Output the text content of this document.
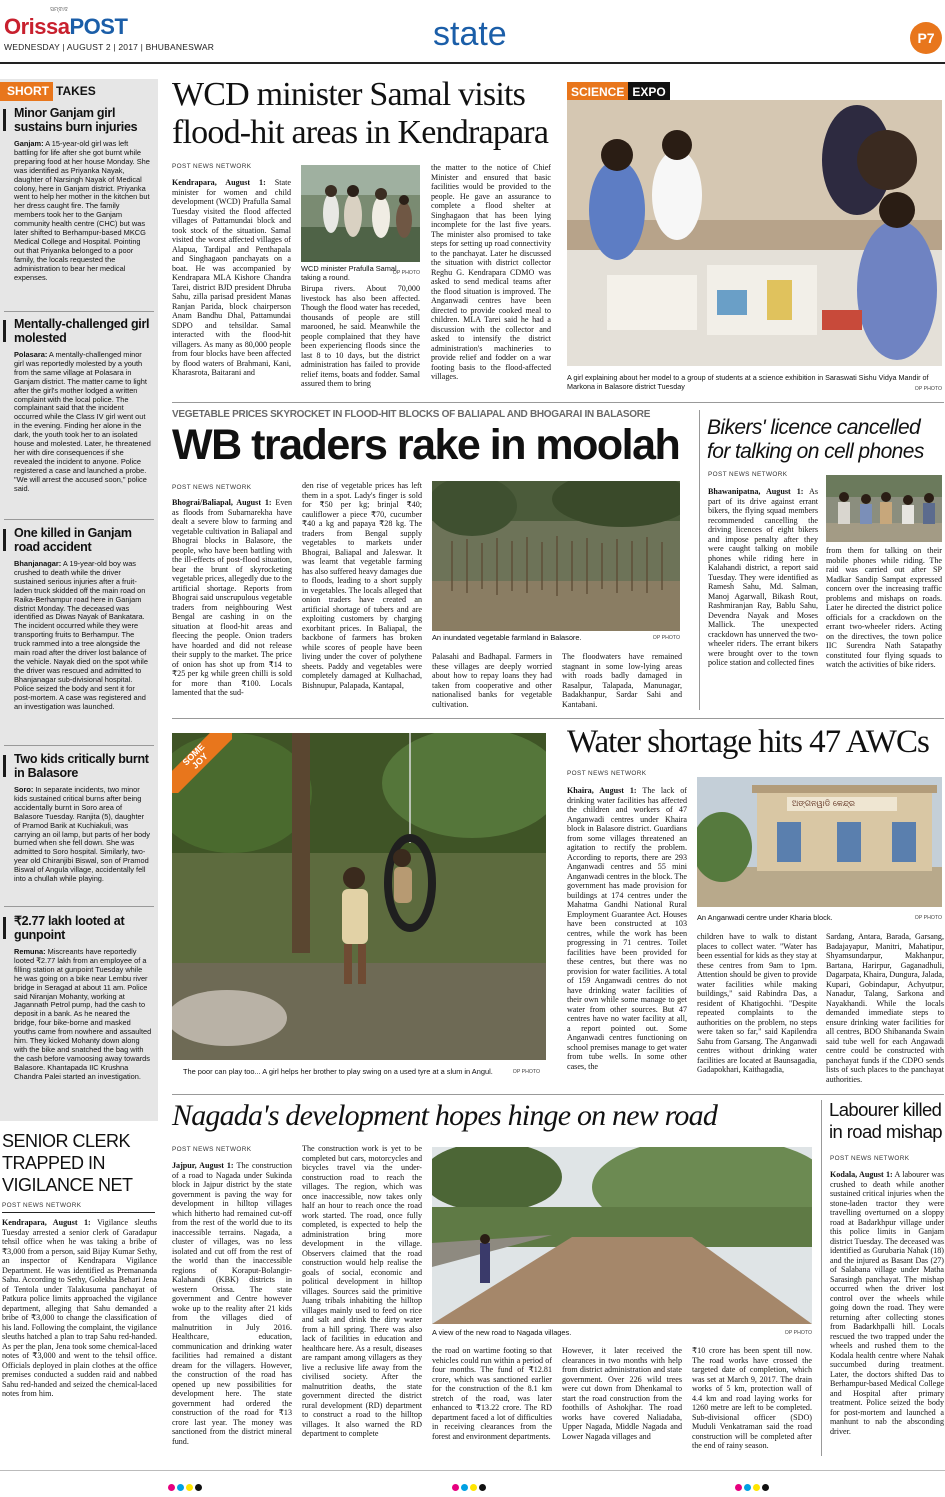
OrissaPOST
ସମ୍ବାଦ
WEDNESDAY | AUGUST 2 | 2017 | BHUBANESWAR	state	P7
SHORT TAKES
Minor Ganjam girl sustains burn injuries
Ganjam: A 15-year-old girl was left battling for life after she got burnt while preparing food at her house Monday. She was identified as Priyanka Nayak, daughter of Narsingh Nayak of Medical colony, here in Ganjam district. Priyanka went to help her mother in the kitchen but her dress caught fire. The family members took her to the Ganjam community health centre (CHC) but was later shifted to Berhampur-based MKCG Medical College and Hospital. Pointing out that Priyanka belonged to a poor family, the locals requested the administration to bear her medical expenses.
Mentally-challenged girl molested
Polasara: A mentally-challenged minor girl was reportedly molested by a youth from the same village at Polasara in Ganjam district. The matter came to light after the girl's mother lodged a written complaint with the local police. The complainant said that the incident occurred while the Class IV girl went out in the evening. Finding her alone in the dark, the youth took her to an isolated house and molested. Later, he threatened her with dire consequences if she revealed the incident to anyone. Police registered a case and launched a probe. "We will arrest the accused soon," police said.
One killed in Ganjam road accident
Bhanjanagar: A 19-year-old boy was crushed to death while the driver sustained serious injuries after a fruit-laden truck skidded off the main road on Raika-Berhampur road here in Ganjam district Monday. The deceased was identified as Diwas Nayak of Bankatara. The incident occurred while they were transporting fruits to Berhampur. The truck rammed into a tree alongside the main road after the driver lost balance of the vehicle. Nayak died on the spot while the driver was rescued and admitted to Bhanjanagar sub-divisional hospital. Police seized the body and sent it for post-mortem. A case was registered and an investigation was launched.
Two kids critically burnt in Balasore
Soro: In separate incidents, two minor kids sustained critical burns after being accidentally burnt in Soro area of Balasore Tuesday. Ranjita (5), daughter of Pramod Barik at Kuchiakuli, was carrying an oil lamp, but parts of her body burned when she fell down. She was admitted to Soro hospital. Similarly, two-year old Chiranjibi Biswal, son of Pramod Biswal of Angula village, accidentally fell into a chullah while playing.
₹2.77 lakh looted at gunpoint
Remuna: Miscreants have reportedly looted ₹2.77 lakh from an employee of a filling station at gunpoint Tuesday while he was going on a bike near Lembu river bridge in Seragad at about 11 am. Police said Niranjan Mohanty, working at Jagannath Petrol pump, had the cash to deposit in a bank. As he neared the bridge, four bike-borne and masked youths came from nowhere and assaulted him. They kicked Mohanty down along with the bike and snatched the bag with the cash before vamoosing away towards Balasore. Khantapada IIC Krushna Chandra Palei started an investigation.
SENIOR CLERK TRAPPED IN VIGILANCE NET
POST NEWS NETWORK
Kendrapara, August 1: Vigilance sleuths Tuesday arrested a senior clerk of Garadapur tehsil office when he was taking a bribe of ₹3,000 from a person, said Bijay Kumar Sethy, an inspector of Kendrapara Vigilance Department. He was identified as Premananda Sahu. According to Sethy, Golekha Behari Jena of Tentola under Talakusuma panchayat of Patkura police limits approached the vigilance department, alleging that Sahu demanded a bribe of ₹3,000 to change the classification of his land. Following the complaint, the vigilance sleuths hatched a plan to trap Sahu red-handed. As per the plan, Jena took some chemical-laced notes of ₹3,000 and went to the tehsil office. Officials deployed in plain clothes at the office premises conducted a sudden raid and nabbed Sahu red-handed and seized the chemical-laced notes from him.
WCD minister Samal visits flood-hit areas in Kendrapara
POST NEWS NETWORK
Kendrapara, August 1: State minister for women and child development (WCD) Prafulla Samal Tuesday visited the flood affected villages of Pattamundai block and took stock of the situation. Samal visited the worst affected villages of Alapua, Tardipal and Penthapala and Singhagaon panchayats on a boat. He was accompanied by Kendrapara MLA Kishore Chandra Tarei, district BJD president Dhruba Sahu, zilla parisad president Manas Ranjan Parida, block chairperson Anam Bandhu Dhal, Pattamundai SDPO and tehsildar. Samal interacted with the flood-hit villagers. As many as 80,000 people from four blocks have been affected by flood waters of Brahmani, Kani, Kharasrota, Baitarani and
WCD minister Prafulla Samal taking a round.	OP PHOTO
Birupa rivers. About 70,000 livestock has also been affected. Though the flood water has receded, thousands of people are still marooned, he said. Meanwhile the people complained that they have been experiencing floods since the last 8 to 10 days, but the district administration has failed to provide relief items, boats and fodder. Samal assured them to bring
the matter to the notice of Chief Minister and ensured that basic facilities would be provided to the people. He gave an assurance to complete a flood shelter at Singhagaon that has been lying incomplete for the last five years. The minister also promised to take steps for setting up road connectivity to the panchayat. Later he discussed the situation with district collector Reghu G. Kendrapara CDMO was asked to send medical teams after the flood situation is improved. The Anganwadi centres have been directed to provide cooked meal to children. MLA Tarei said he had a discussion with the collector and asked to intensify the district administration's machineries to provide relief and fodder on a war footing basis to the flood-affected villages.
SCIENCE EXPO
A girl explaining about her model to a group of students at a science exhibition in Saraswati Sishu Vidya Mandir of Markona in Balasore district Tuesday	OP PHOTO
VEGETABLE PRICES SKYROCKET IN FLOOD-HIT BLOCKS OF BALIAPAL AND BHOGARAI IN BALASORE
WB traders rake in moolah
POST NEWS NETWORK
Bhograi/Baliapal, August 1: Even as floods from Subarnarekha have dealt a severe blow to farming and vegetable cultivation in Baliapal and Bhograi blocks in Balasore, the people, who have been battling with the ill-effects of post-flood situation, bear the brunt of skyrocketing vegetable prices, allegedly due to the artificial shortage. Reports from Bhograi said unscrupulous vegetable traders from neighbouring West Bengal are cashing in on the situation at flood-hit areas and fleecing the people. Onion traders have hoarded and did not release their supply to the market. The price of onion has shot up from ₹14 to ₹25 per kg while green chilli is sold for more than ₹100. Locals lamented that the sud-
den rise of vegetable prices has left them in a spot. Lady's finger is sold for ₹50 per kg; brinjal ₹40; cauliflower a piece ₹70, cucumber ₹40 a kg and papaya ₹28 kg. The traders from Bengal supply vegetables to markets under Bhograi, Baliapal and Jaleswar. It was learnt that vegetable farming has also suffered heavy damages due to floods, leading to a short supply in vegetables. The locals alleged that onion traders have created an artificial shortage of tubers and are exploiting customers by charging exorbitant prices. In Baliapal, the backbone of farmers has broken while scores of people have been living under the cover of polythene sheets. Paddy and vegetables were completely damaged at Kulhachad, Bishnupur, Palapada, Kantapal,
An inundated vegetable farmland in Balasore.	OP PHOTO
Palasahi and Badhapal. Farmers in these villages are deeply worried about how to repay loans they had taken from cooperative and other nationalised banks for vegetable cultivation.
The floodwaters have remained stagnant in some low-lying areas with roads badly damaged in Rasalpur, Talapada, Manunagar, Badakhanpur, Sardar Sahi and Kantabani.
Bikers' licence cancelled for talking on cell phones
POST NEWS NETWORK
Bhawanipatna, August 1: As part of its drive against errant bikers, the flying squad members recommended cancelling the driving licences of eight bikers and impose penalty after they were caught talking on mobile phones while riding here in Kalahandi district, a report said Tuesday. They were identified as Ramesh Sahu, Md. Salman, Manoj Agarwall, Bikash Rout, Rashmiranjan Ray, Bablu Sahu, Devendra Nayak and Moses Mallick. The unexpected crackdown has unnerved the two-wheeler riders. The errant bikers were brought over to the town police station and collected fines
from them for talking on their mobile phones while riding. The raid was carried out after SP Madkar Sandip Sampat expressed concern over the increasing traffic problems and mishaps on roads. Later he directed the district police officials for a crackdown on the errant two-wheeler riders. Acting on the directives, the town police IIC Surendra Nath Satapathy constituted four flying squads to watch the activities of bike riders.
SOME JOY
The poor can play too... A girl helps her brother to play swing on a used tyre at a slum in Angul.	OP PHOTO
Water shortage hits 47 AWCs
POST NEWS NETWORK
Khaira, August 1: The lack of drinking water facilities has affected the children and workers of 47 Anganwadi centres under Khaira block in Balasore district. Guardians from some villages threatened an agitation to rectify the problem. According to reports, there are 293 Anganwadi centres and 55 mini Anganwadi centres in the block. The government has made provision for buildings at 174 centres under the Mahatma Gandhi National Rural Employment Guarantee Act. Houses have been constructed at 103 centres, while the work has been progressing in 71 centres. Toilet facilities have been provided for these centres, but there was no provision for water facilities. A total of 159 Anganwadi centres do not have drinking water facilities of their own while some manage to get water from other sources. But 47 centres have no water facility at all, a report pointed out. Some Anganwadi centres functioning on school premises manage to get water from tube wells. In some other cases, the
ଅଙ୍ଗନୱାଡି କେନ୍ଦ୍ର
An Anganwadi centre under Kharia block.	OP PHOTO
children have to walk to distant places to collect water. "Water has been essential for kids as they stay at these centres from 9am to 1pm. Attention should be given to provide water facilities while making buildings," said Rabindra Das, a resident of Khatigochhi. "Despite repeated complaints to the authorities on the problem, no steps were taken so far," said Kapilendra Sahu from Garsang. The Anganwadi centres without drinking water facilities are located at Baunsagadia, Gadapokhari, Kaithagadia,
Sardang, Antara, Barada, Garsang, Badajayapur, Manitri, Mahatipur, Shyamsundarpur, Makhanpur, Bartana, Harirpur, Gaganadhuli, Dagarpata, Khaira, Dungura, Jalada, Kupari, Gobindapur, Achyutpur, Nanadur, Talang, Sarkona and Nayakhandi. While the locals demanded immediate steps to ensure drinking water facilities for all centres, BDO Shibananda Swain said tube well for each Angawadi centre could be constructed with panchayat funds if the CDPO sends lists of such places to the panchayat authorities.
Nagada's development hopes hinge on new road
POST NEWS NETWORK
Jajpur, August 1: The construction of a road to Nagada under Sukinda block in Jajpur district by the state government is paving the way for development in hilltop villages which hitherto had remained cut-off from the rest of the world due to its inaccessible terrains. Nagada, a cluster of villages, was no less isolated and cut off from the rest of the world than the inaccessible regions of Koraput-Bolangir-Kalahandi (KBK) districts in western Orissa. The state government and Centre however woke up to the reality after 21 kids from the villages died of malnutrition in July 2016. Healthcare, education, communication and drinking water facilities had remained a distant dream for the villagers. However, the construction of the road has opened up new possibilities for development here. The state government had ordered the construction of the road for ₹13 crore last year. The money was sanctioned from the district mineral fund.
The construction work is yet to be completed but cars, motorcycles and bicycles travel via the under-construction road to reach the villages. The region, which was once inaccessible, now takes only half an hour to reach once the road work started. The road, once fully completed, is expected to help the administration bring more development in the village. Observers claimed that the road construction would help realise the goals of social, economic and political development in hilltop villages. Sources said the primitive Juang tribals inhabiting the hilltop villages mainly used to feed on rice and salt and drink the dirty water from a hill spring. There was also lack of facilities in education and healthcare here. As a result, diseases are rampant among villagers as they live a reclusive life away from the civilised society. After the malnutrition deaths, the state government directed the district rural development (RD) department to construct a road to the hilltop villages. It also warned the RD department to complete
A view of the new road to Nagada villages.	OP PHOTO
the road on wartime footing so that vehicles could run within a period of four months. The fund of ₹12.81 crore, which was sanctioned earlier for the construction of the 8.1 km stretch of the road, was later enhanced to ₹13.22 crore. The RD department faced a lot of difficulties in receiving clearances from the forest and environment departments.
However, it later received the clearances in two months with help from district administration and state government. Over 226 wild trees were cut down from Dhenkamal to start the road construction from the foothills of Ashokjhar. The road works have covered Naliadaba, Upper Nagada, Middle Nagada and Lower Nagada villages and
₹10 crore has been spent till now. The road works have crossed the targeted date of completion, which was set at March 9, 2017. The drain works of 5 km, protection wall of 4.4 km and road laying works for 1260 metre are left to be completed. Sub-divisional officer (SDO) Muduli Venkatraman said the road construction will be completed after the end of rainy season.
Labourer killed in road mishap
POST NEWS NETWORK
Kodala, August 1: A labourer was crushed to death while another sustained critical injuries when the stone-laden tractor they were travelling overturned on a sloppy road at Badarkhpur village under this police limits in Ganjam district Tuesday. The deceased was identified as Gurubaria Nahak (18) and the injured as Basant Das (27) of Salabana village under Matha Sarasingh panchayat. The mishap occurred when the driver lost control over the wheels while going down the road. They were returning after collecting stones from Badarkhpalli hill. Locals rescued the two trapped under the wheels and rushed them to the Kodala health centre where Nahak succumbed during treatment. Later, the doctors shifted Das to Berhampur-based Medical College and Hospital after primary treatment. Police seized the body for post-mortem and launched a manhunt to nab the absconding driver.
